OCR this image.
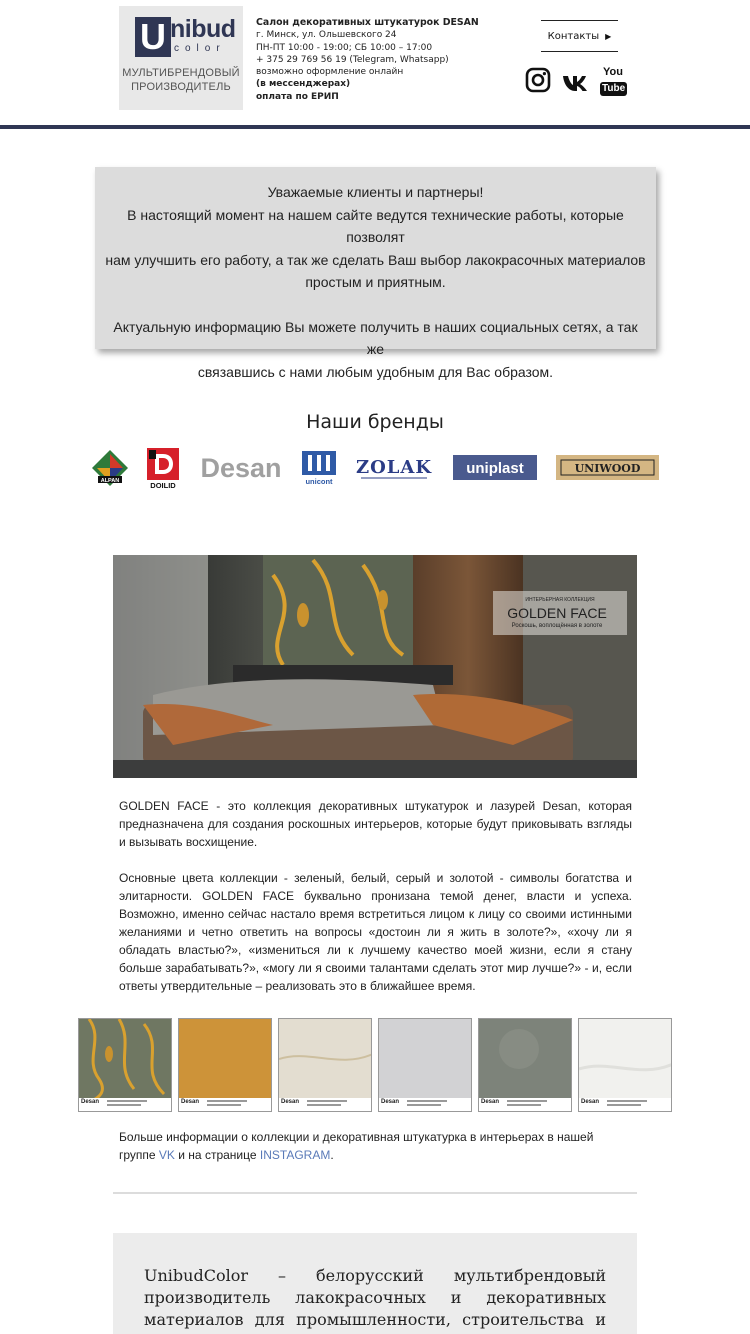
U nibud
color
МУЛЬТИБРЕНДОВЫЙ
ПРОИЗВОДИТЕЛЬ
Салон декоративных штукатурок DESAN
г. Минск, ул. Ольшевского 24
ПН-ПТ 10:00 - 19:00; СБ 10:00 – 17:00
+ 375 29 769 56 19 (Telegram, Whatsapp)
возможно оформление онлайн
(в мессенджерах)
оплата по ЕРИП
Контакты ▶
You
Tube

Уважаемые клиенты и партнеры!

В настоящий момент на нашем сайте ведутся технические работы, которые позволят

нам улучшить его работу, а так же сделать Ваш выбор лакокрасочных материалов

простым и приятным.

Актуальную информацию Вы можете получить в наших социальных сетях, а так же

связавшись с нами любым удобным для Вас образом.

Наши бренды
ALPAN	DOILID
Desan	unicont
ZOLAK uniplast	UNIWOOD
ИНТЕРЬЕРНАЯ КОЛЛЕКЦИЯ
GOLDEN FACE
Роскошь, воплощённая в золоте

GOLDEN FACE - это коллекция декоративных штукатурок и лазурей Desan, которая предназначена для создания роскошных интерьеров, которые будут приковывать взгляды и вызывать восхищение.

Основные цвета коллекции - зеленый, белый, серый и золотой - символы богатства и элитарности. GOLDEN FACE буквально пронизана темой денег, власти и успеха. Возможно, именно сейчас настало время встретиться лицом к лицу со своими истинными желаниями и четно ответить на вопросы «достоин ли я жить в золоте?», «хочу ли я обладать властью?», «измениться ли к лучшему качество моей жизни, если я стану больше зарабатывать?», «могу ли я своими талантами сделать этот мир лучше?» - и, если ответы утвердительные – реализовать это в ближайшее время.

Desan	Desan	Desan	Desan	Desan	Desan
Больше информации о коллекции и декоративная штукатурка в интерьерах в нашей группе VK и на странице INSTAGRAM.
UnibudColor – белорусский мультибрендовый производитель лакокрасочных и декоративных материалов для промышленности, строительства и
